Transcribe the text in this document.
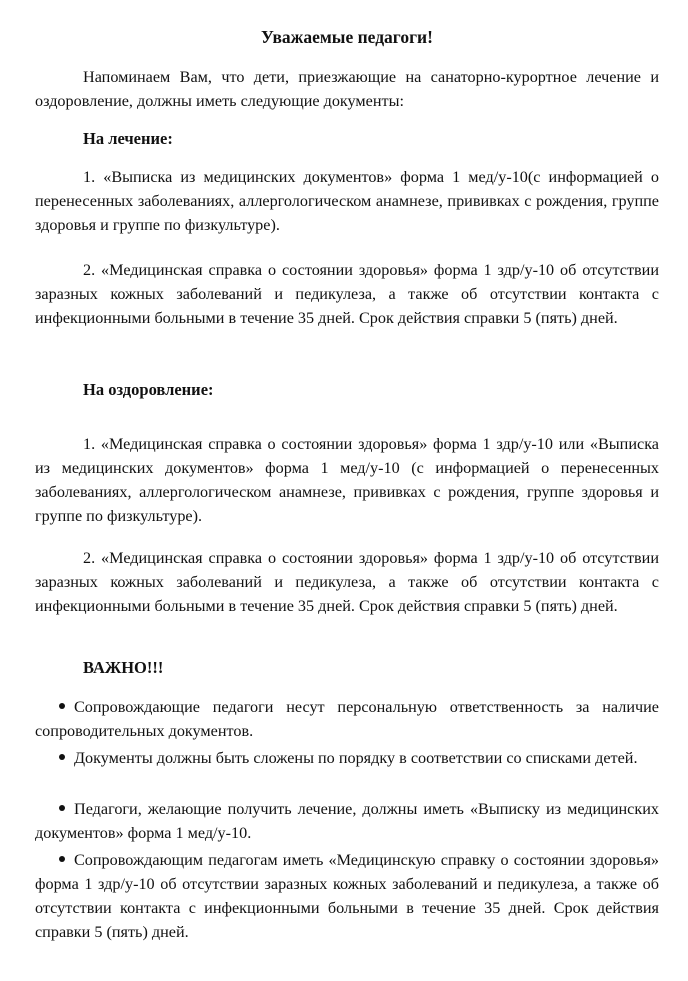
Уважаемые педагоги!

Напоминаем Вам, что дети, приезжающие на санаторно-курортное лечение и оздоровление, должны иметь следующие документы:

На лечение:

1. «Выписка из медицинских документов» форма 1 мед/у-10(с информацией о перенесенных заболеваниях, аллергологическом анамнезе, прививках с рождения, группе здоровья и группе по физкультуре).

2. «Медицинская справка о состоянии здоровья» форма 1 здр/у-10 об отсутствии заразных кожных заболеваний и педикулеза, а также об отсутствии контакта с инфекционными больными в течение 35 дней. Срок действия справки 5 (пять) дней.

На оздоровление:

1. «Медицинская справка о состоянии здоровья» форма 1 здр/у-10 или «Выписка из медицинских документов» форма 1 мед/у-10 (с информацией о перенесенных заболеваниях, аллергологическом анамнезе, прививках с рождения, группе здоровья и группе по физкультуре).

2. «Медицинская справка о состоянии здоровья» форма 1 здр/у-10 об отсутствии заразных кожных заболеваний и педикулеза, а также об отсутствии контакта с инфекционными больными в течение 35 дней. Срок действия справки 5 (пять) дней.

ВАЖНО!!!

Сопровождающие педагоги несут персональную ответственность за наличие сопроводительных документов.

Документы должны быть сложены по порядку в соответствии со списками детей.

Педагоги, желающие получить лечение, должны иметь «Выписку из медицинских документов» форма 1 мед/у-10.

Сопровождающим педагогам иметь «Медицинскую справку о состоянии здоровья» форма 1 здр/у-10 об отсутствии заразных кожных заболеваний и педикулеза, а также об отсутствии контакта с инфекционными больными в течение 35 дней. Срок действия справки 5 (пять) дней.
